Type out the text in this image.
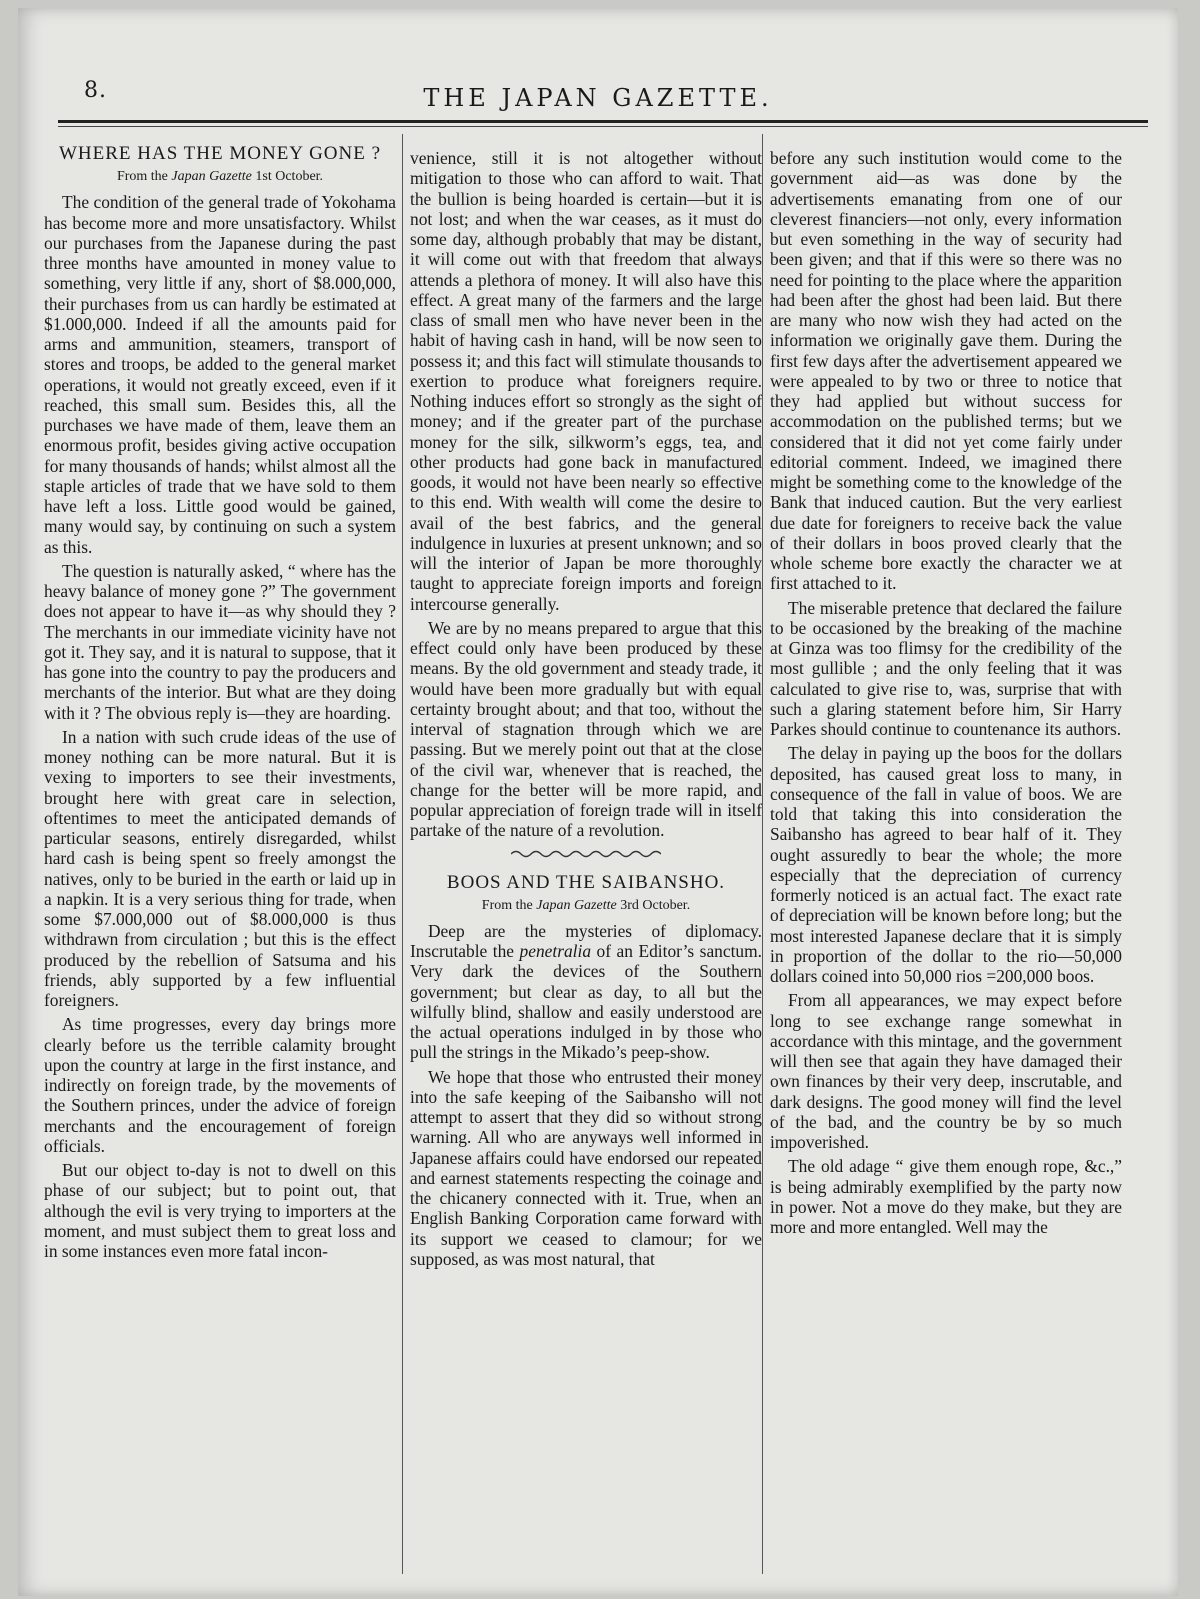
8.	THE JAPAN GAZETTE.
WHERE HAS THE MONEY GONE ?
From the Japan Gazette 1st October.

The condition of the general trade of Yokohama has become more and more unsatisfactory. Whilst our purchases from the Japanese during the past three months have amounted in money value to something, very little if any, short of $8.000,000, their purchases from us can hardly be estimated at $1.000,000. Indeed if all the amounts paid for arms and ammunition, steamers, transport of stores and troops, be added to the general market operations, it would not greatly exceed, even if it reached, this small sum. Besides this, all the purchases we have made of them, leave them an enormous profit, besides giving active occupation for many thousands of hands; whilst almost all the staple articles of trade that we have sold to them have left a loss. Little good would be gained, many would say, by continuing on such a system as this.

The question is naturally asked, “ where has the heavy balance of money gone ?” The government does not appear to have it—as why should they ? The merchants in our immediate vicinity have not got it. They say, and it is natural to suppose, that it has gone into the country to pay the producers and merchants of the interior. But what are they doing with it ? The obvious reply is—they are hoarding.

In a nation with such crude ideas of the use of money nothing can be more natural. But it is vexing to importers to see their investments, brought here with great care in selection, oftentimes to meet the anticipated demands of particular seasons, entirely disregarded, whilst hard cash is being spent so freely amongst the natives, only to be buried in the earth or laid up in a napkin. It is a very serious thing for trade, when some $7.000,000 out of $8.000,000 is thus withdrawn from circulation ; but this is the effect produced by the rebellion of Satsuma and his friends, ably supported by a few influential foreigners.

As time progresses, every day brings more clearly before us the terrible calamity brought upon the country at large in the first instance, and indirectly on foreign trade, by the movements of the Southern princes, under the advice of foreign merchants and the encouragement of foreign officials.

But our object to-day is not to dwell on this phase of our subject; but to point out, that although the evil is very trying to importers at the moment, and must subject them to great loss and in some instances even more fatal incon-

venience, still it is not altogether without mitigation to those who can afford to wait. That the bullion is being hoarded is certain—but it is not lost; and when the war ceases, as it must do some day, although probably that may be distant, it will come out with that freedom that always attends a plethora of money. It will also have this effect. A great many of the farmers and the large class of small men who have never been in the habit of having cash in hand, will be now seen to possess it; and this fact will stimulate thousands to exertion to produce what foreigners require. Nothing induces effort so strongly as the sight of money; and if the greater part of the purchase money for the silk, silkworm’s eggs, tea, and other products had gone back in manufactured goods, it would not have been nearly so effective to this end. With wealth will come the desire to avail of the best fabrics, and the general indulgence in luxuries at present unknown; and so will the interior of Japan be more thoroughly taught to appreciate foreign imports and foreign intercourse generally.

We are by no means prepared to argue that this effect could only have been produced by these means. By the old government and steady trade, it would have been more gradually but with equal certainty brought about; and that too, without the interval of stagnation through which we are passing. But we merely point out that at the close of the civil war, whenever that is reached, the change for the better will be more rapid, and popular appreciation of foreign trade will in itself partake of the nature of a revolution.

BOOS AND THE SAIBANSHO.
From the Japan Gazette 3rd October.

Deep are the mysteries of diplomacy. Inscrutable the penetralia of an Editor’s sanctum. Very dark the devices of the Southern government; but clear as day, to all but the wilfully blind, shallow and easily understood are the actual operations indulged in by those who pull the strings in the Mikado’s peep-show.

We hope that those who entrusted their money into the safe keeping of the Saibansho will not attempt to assert that they did so without strong warning. All who are anyways well informed in Japanese affairs could have endorsed our repeated and earnest statements respecting the coinage and the chicanery connected with it. True, when an English Banking Corporation came forward with its support we ceased to clamour; for we supposed, as was most natural, that

before any such institution would come to the government aid—as was done by the advertisements emanating from one of our cleverest financiers—not only, every information but even something in the way of security had been given; and that if this were so there was no need for pointing to the place where the apparition had been after the ghost had been laid. But there are many who now wish they had acted on the information we originally gave them. During the first few days after the advertisement appeared we were appealed to by two or three to notice that they had applied but without success for accommodation on the published terms; but we considered that it did not yet come fairly under editorial comment. Indeed, we imagined there might be something come to the knowledge of the Bank that induced caution. But the very earliest due date for foreigners to receive back the value of their dollars in boos proved clearly that the whole scheme bore exactly the character we at first attached to it.

The miserable pretence that declared the failure to be occasioned by the breaking of the machine at Ginza was too flimsy for the credibility of the most gullible ; and the only feeling that it was calculated to give rise to, was, surprise that with such a glaring statement before him, Sir Harry Parkes should continue to countenance its authors.

The delay in paying up the boos for the dollars deposited, has caused great loss to many, in consequence of the fall in value of boos. We are told that taking this into consideration the Saibansho has agreed to bear half of it. They ought assuredly to bear the whole; the more especially that the depreciation of currency formerly noticed is an actual fact. The exact rate of depreciation will be known before long; but the most interested Japanese declare that it is simply in proportion of the dollar to the rio—50,000 dollars coined into 50,000 rios =200,000 boos.

From all appearances, we may expect before long to see exchange range somewhat in accordance with this mintage, and the government will then see that again they have damaged their own finances by their very deep, inscrutable, and dark designs. The good money will find the level of the bad, and the country be by so much impoverished.

The old adage “ give them enough rope, &c.,” is being admirably exemplified by the party now in power. Not a move do they make, but they are more and more entangled. Well may the
